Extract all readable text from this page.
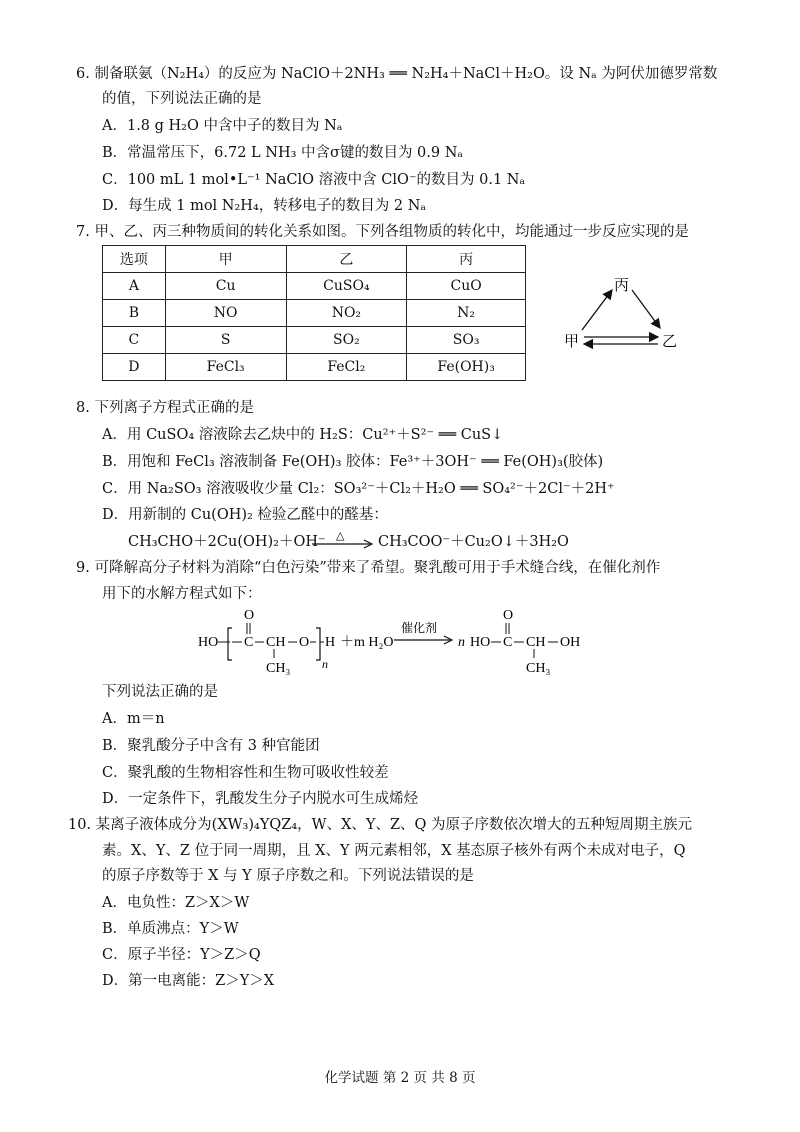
6. 制备联氨（N₂H₄）的反应为 NaClO＋2NH₃ ══ N₂H₄＋NaCl＋H₂O。设 Nₐ 为阿伏加德罗常数
的值，下列说法正确的是
A．1.8 g H₂O 中含中子的数目为 Nₐ
B．常温常压下，6.72 L NH₃ 中含σ键的数目为 0.9 Nₐ
C．100 mL 1 mol•L⁻¹ NaClO 溶液中含 ClO⁻的数目为 0.1 Nₐ
D．每生成 1 mol N₂H₄，转移电子的数目为 2 Nₐ
7. 甲、乙、丙三种物质间的转化关系如图。下列各组物质的转化中，均能通过一步反应实现的是
选项	甲	乙	丙
A	Cu	CuSO₄	CuO
B	NO	NO₂	N₂
C	S	SO₂	SO₃
D	FeCl₃	FeCl₂	Fe(OH)₃
丙
甲	乙
8. 下列离子方程式正确的是
A．用 CuSO₄ 溶液除去乙炔中的 H₂S：Cu²⁺＋S²⁻ ══ CuS↓
B．用饱和 FeCl₃ 溶液制备 Fe(OH)₃ 胶体：Fe³⁺＋3OH⁻ ══ Fe(OH)₃(胶体)
C．用 Na₂SO₃ 溶液吸收少量 Cl₂：SO₃²⁻＋Cl₂＋H₂O ══ SO₄²⁻＋2Cl⁻＋2H⁺
D．用新制的 Cu(OH)₂ 检验乙醛中的醛基：
CH₃CHO＋2Cu(OH)₂＋OH⁻ △ CH₃COO⁻＋Cu₂O↓＋3H₂O
9. 可降解高分子材料为消除“白色污染”带来了希望。聚乳酸可用于手术缝合线，在催化剂作
用下的水解方程式如下：
HO C
O
CH O
CH₃
H
n
＋m H₂O
催化剂
n HO C
O
CH OH
CH₃
下列说法正确的是
A．m＝n
B．聚乳酸分子中含有 3 种官能团
C．聚乳酸的生物相容性和生物可吸收性较差
D．一定条件下，乳酸发生分子内脱水可生成烯烃
10. 某离子液体成分为(XW₃)₄YQZ₄，W、X、Y、Z、Q 为原子序数依次增大的五种短周期主族元
素。X、Y、Z 位于同一周期，且 X、Y 两元素相邻，X 基态原子核外有两个未成对电子，Q
的原子序数等于 X 与 Y 原子序数之和。下列说法错误的是
A．电负性：Z＞X＞W
B．单质沸点：Y＞W
C．原子半径：Y＞Z＞Q
D．第一电离能：Z＞Y＞X
化学试题 第 2 页 共 8 页
